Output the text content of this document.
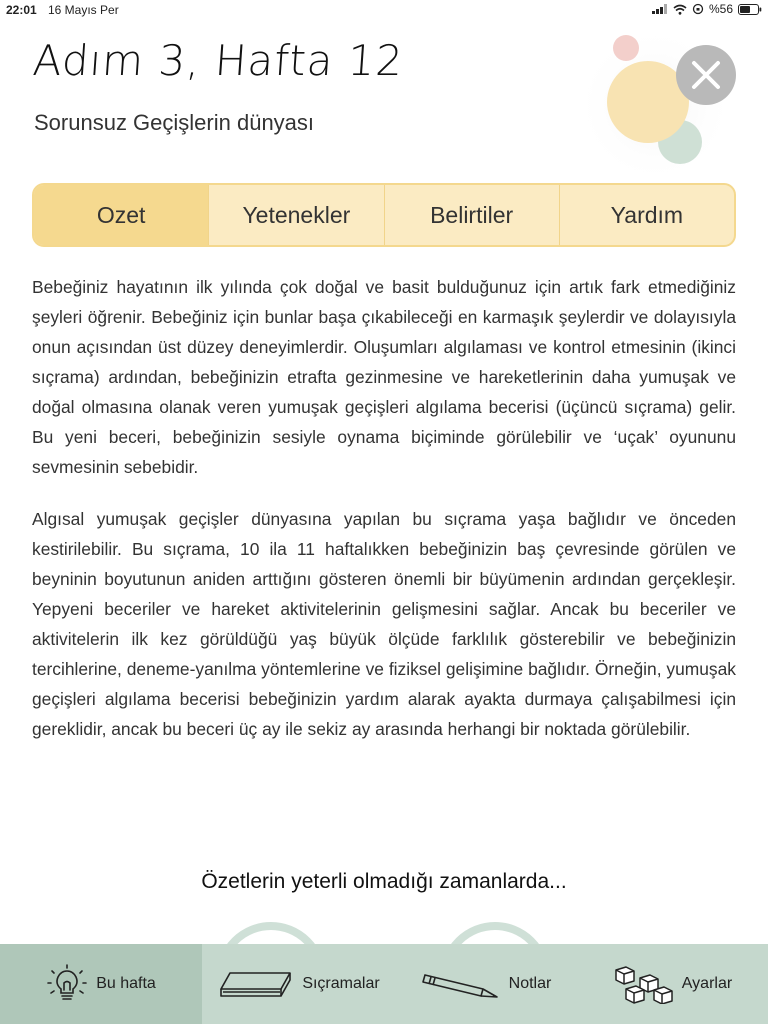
22:01 16 Mayıs Per	%56
Adım 3, Hafta 12
Sorunsuz Geçişlerin dünyası
Ozet	Yetenekler	Belirtiler	Yardım

Bebeğiniz hayatının ilk yılında çok doğal ve basit bulduğunuz için artık fark etmediğiniz şeyleri öğrenir. Bebeğiniz için bunlar başa çıkabileceği en karmaşık şeylerdir ve dolayısıyla onun açısından üst düzey deneyimlerdir. Oluşumları algılaması ve kontrol etmesinin (ikinci sıçrama) ardından, bebeğinizin etrafta gezinmesine ve hareketlerinin daha yumuşak ve doğal olmasına olanak veren yumuşak geçişleri algılama becerisi (üçüncü sıçrama) gelir. Bu yeni beceri, bebeğinizin sesiyle oynama biçiminde görülebilir ve ‘uçak’ oyununu sevmesinin sebebidir.

Algısal yumuşak geçişler dünyasına yapılan bu sıçrama yaşa bağlıdır ve önceden kestirilebilir. Bu sıçrama, 10 ila 11 haftalıkken bebeğinizin baş çevresinde görülen ve beyninin boyutunun aniden arttığını gösteren önemli bir büyümenin ardından gerçekleşir. Yepyeni beceriler ve hareket aktivitelerinin gelişmesini sağlar. Ancak bu beceriler ve aktivitelerin ilk kez görüldüğü yaş büyük ölçüde farklılık gösterebilir ve bebeğinizin tercihlerine, deneme-yanılma yöntemlerine ve fiziksel gelişimine bağlıdır. Örneğin, yumuşak geçişleri algılama becerisi bebeğinizin yardım alarak ayakta durmaya çalışabilmesi için gereklidir, ancak bu beceri üç ay ile sekiz ay arasında herhangi bir noktada görülebilir.

Özetlerin yeterli olmadığı zamanlarda...
Bu hafta	Sıçramalar	Notlar	Ayarlar
